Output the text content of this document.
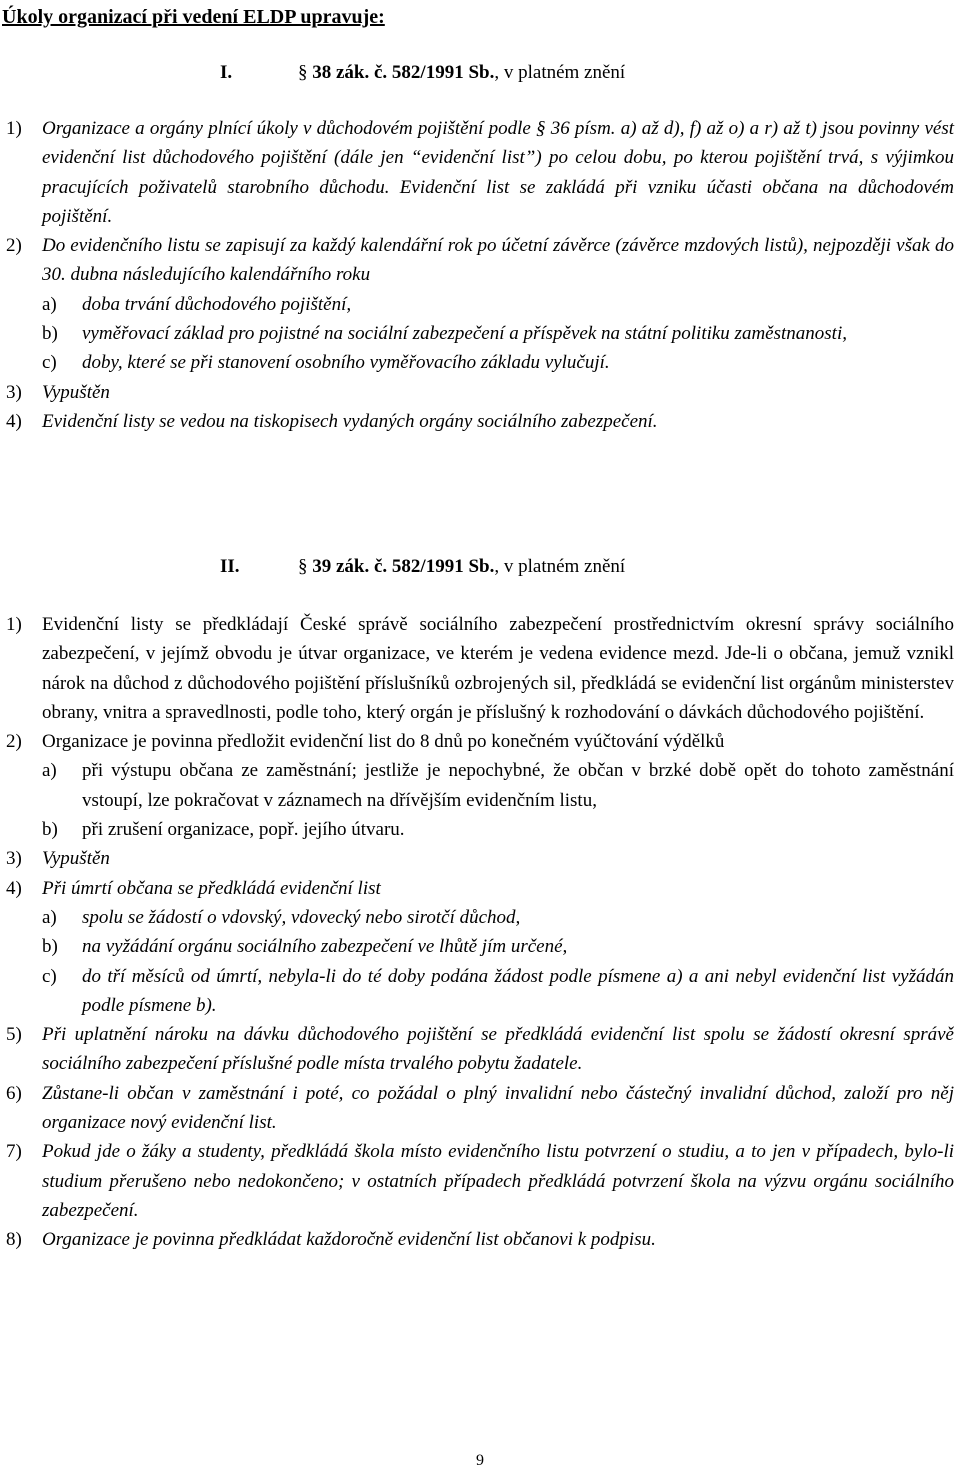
Úkoly organizací při vedení ELDP upravuje:
I.	§ 38 zák. č. 582/1991 Sb., v platném znění
1)	Organizace a orgány plnící úkoly v důchodovém pojištění podle § 36 písm. a) až d), f) až o) a r) až t) jsou povinny vést evidenční list důchodového pojištění (dále jen “evidenční list”) po celou dobu, po kterou pojištění trvá, s výjimkou pracujících poživatelů starobního důchodu. Evidenční list se zakládá při vzniku účasti občana na důchodovém pojištění.
2)	Do evidenčního listu se zapisují za každý kalendářní rok po účetní závěrce (závěrce mzdových listů), nejpozději však do 30. dubna následujícího kalendářního roku
a)	doba trvání důchodového pojištění,
b)	vyměřovací základ pro pojistné na sociální zabezpečení a příspěvek na státní politiku zaměstnanosti,
c)	doby, které se při stanovení osobního vyměřovacího základu vylučují.
3)	Vypuštěn
4)	Evidenční listy se vedou na tiskopisech vydaných orgány sociálního zabezpečení.
II.	§ 39 zák. č. 582/1991 Sb., v platném znění
1)	Evidenční listy se předkládají České správě sociálního zabezpečení prostřednictvím okresní správy sociálního zabezpečení, v jejímž obvodu je útvar organizace, ve kterém je vedena evidence mezd. Jde-li o občana, jemuž vznikl nárok na důchod z důchodového pojištění příslušníků ozbrojených sil, předkládá se evidenční list orgánům ministerstev obrany, vnitra a spravedlnosti, podle toho, který orgán je příslušný k rozhodování o dávkách důchodového pojištění.
2)	Organizace je povinna předložit evidenční list do 8 dnů po konečném vyúčtování výdělků
a)	při výstupu občana ze zaměstnání; jestliže je nepochybné, že občan v brzké době opět do tohoto zaměstnání vstoupí, lze pokračovat v záznamech na dřívějším evidenčním listu,
b)	při zrušení organizace, popř. jejího útvaru.
3)	Vypuštěn
4)	Při úmrtí občana se předkládá evidenční list
a)	spolu se žádostí o vdovský, vdovecký nebo sirotčí důchod,
b)	na vyžádání orgánu sociálního zabezpečení ve lhůtě jím určené,
c)	do tří měsíců od úmrtí, nebyla-li do té doby podána žádost podle písmene a) a ani nebyl evidenční list vyžádán podle písmene b).
5)	Při uplatnění nároku na dávku důchodového pojištění se předkládá evidenční list spolu se žádostí okresní správě sociálního zabezpečení příslušné podle místa trvalého pobytu žadatele.
6)	Zůstane-li občan v zaměstnání i poté, co požádal o plný invalidní nebo částečný invalidní důchod, založí pro něj organizace nový evidenční list.
7)	Pokud jde o žáky a studenty, předkládá škola místo evidenčního listu potvrzení o studiu, a to jen v případech, bylo-li studium přerušeno nebo nedokončeno; v ostatních případech předkládá potvrzení škola na výzvu orgánu sociálního zabezpečení.
8)	Organizace je povinna předkládat každoročně evidenční list občanovi k podpisu.
9
